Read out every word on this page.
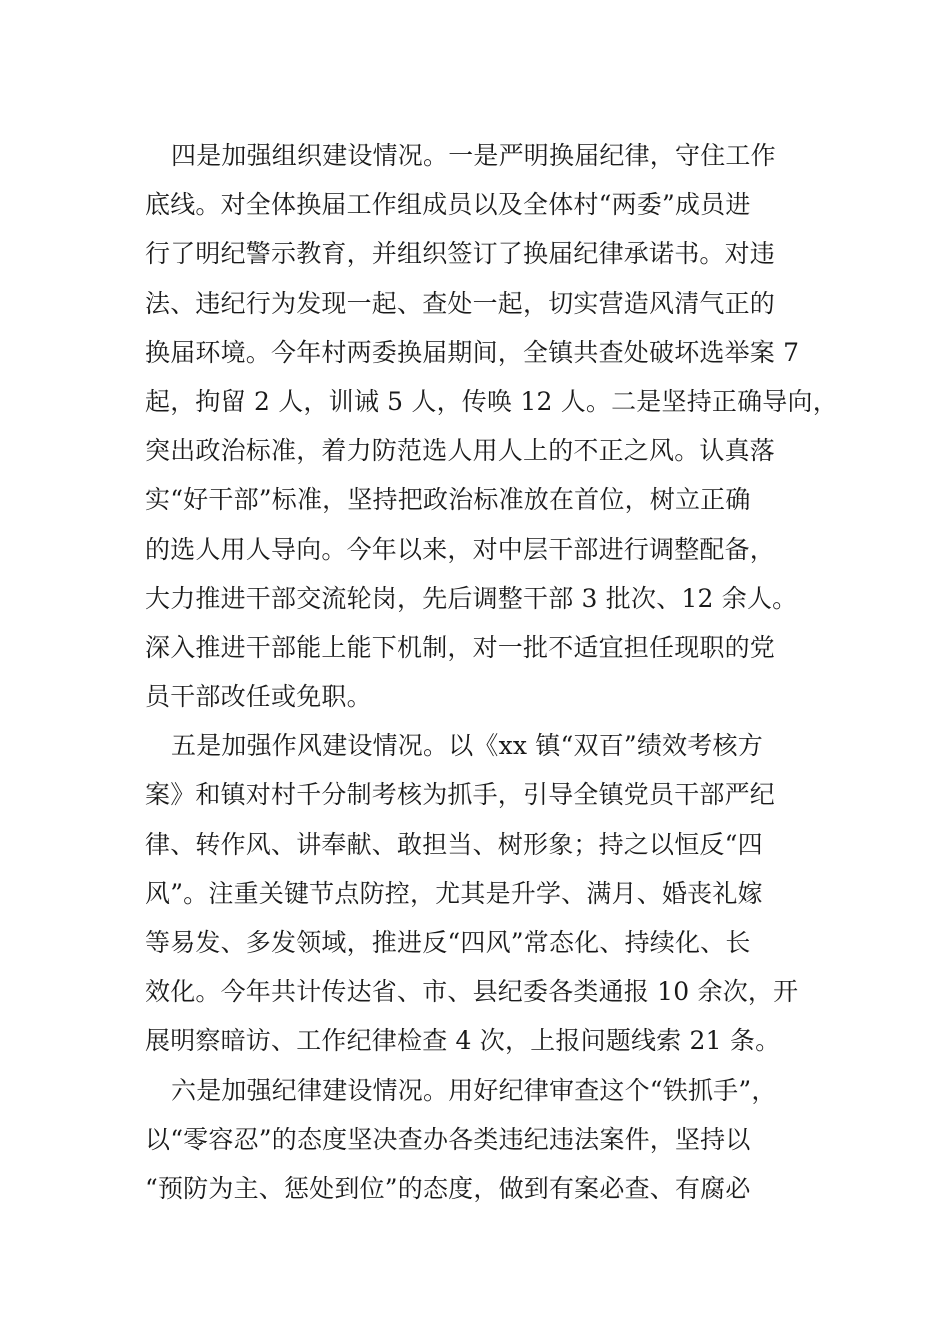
四是加强组织建设情况。一是严明换届纪律，守住工作
底线。对全体换届工作组成员以及全体村“两委”成员进
行了明纪警示教育，并组织签订了换届纪律承诺书。对违
法、违纪行为发现一起、查处一起，切实营造风清气正的
换届环境。今年村两委换届期间，全镇共查处破坏选举案 7
起，拘留 2 人，训诫 5 人，传唤 12 人。二是坚持正确导向，
突出政治标准，着力防范选人用人上的不正之风。认真落
实“好干部”标准，坚持把政治标准放在首位，树立正确
的选人用人导向。今年以来，对中层干部进行调整配备，
大力推进干部交流轮岗，先后调整干部 3 批次、12 余人。
深入推进干部能上能下机制，对一批不适宜担任现职的党
员干部改任或免职。
五是加强作风建设情况。以《xx 镇“双百”绩效考核方
案》和镇对村千分制考核为抓手，引导全镇党员干部严纪
律、转作风、讲奉献、敢担当、树形象；持之以恒反“四
风”。注重关键节点防控，尤其是升学、满月、婚丧礼嫁
等易发、多发领域，推进反“四风”常态化、持续化、长
效化。今年共计传达省、市、县纪委各类通报 10 余次，开
展明察暗访、工作纪律检查 4 次，上报问题线索 21 条。
六是加强纪律建设情况。用好纪律审查这个“铁抓手”，
以“零容忍”的态度坚决查办各类违纪违法案件，坚持以
“预防为主、惩处到位”的态度，做到有案必查、有腐必
